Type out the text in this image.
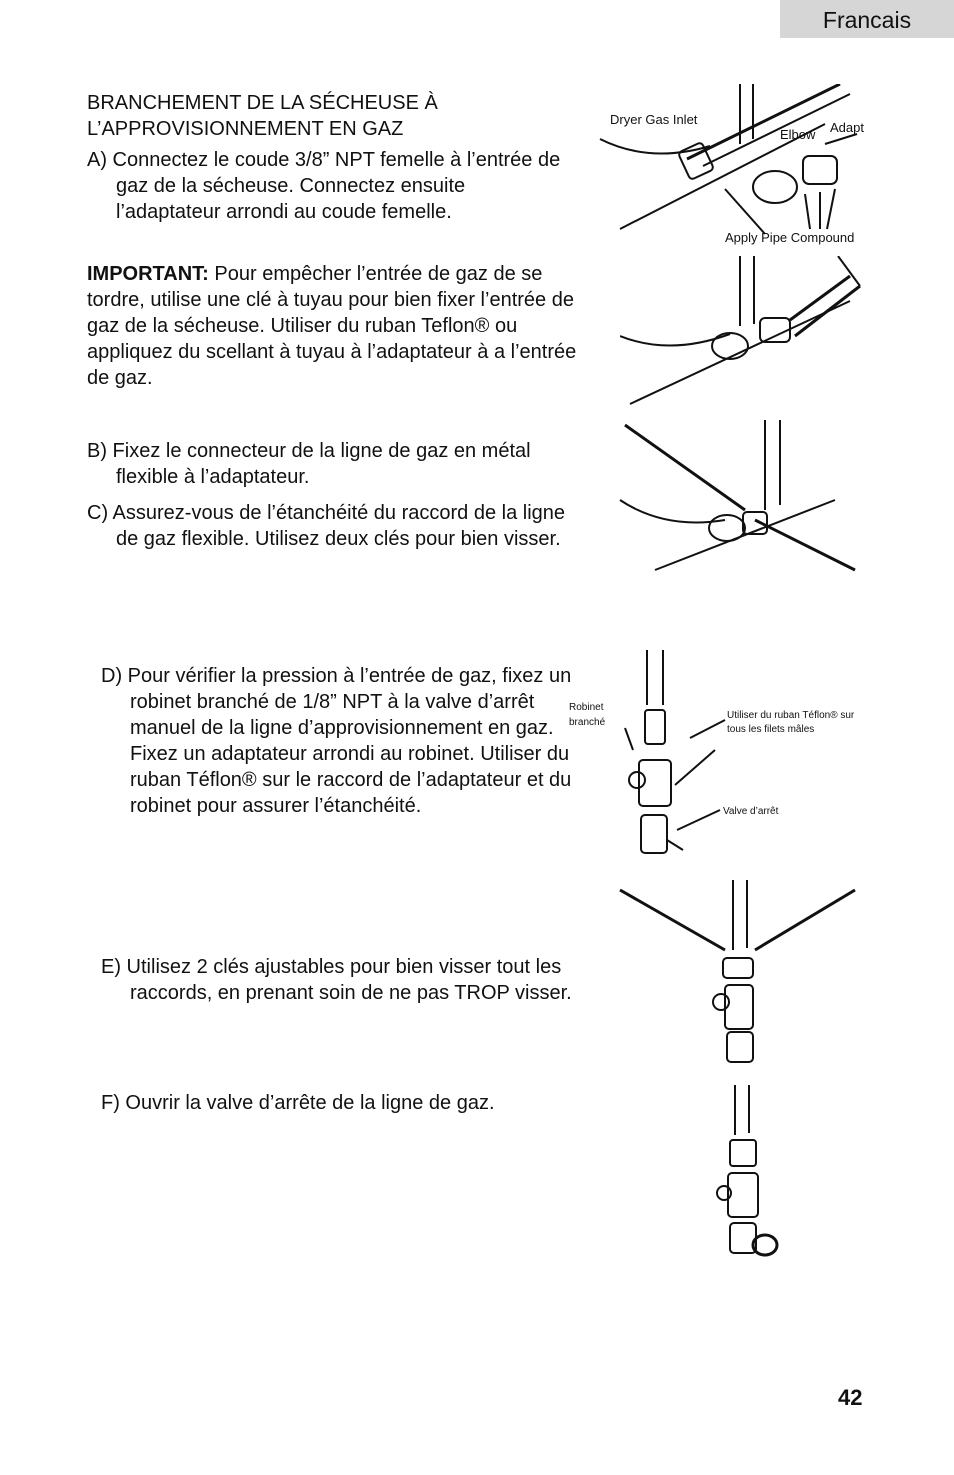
Francais
BRANCHEMENT DE LA SÉCHEUSE À
L’APPROVISIONNEMENT EN GAZ
A) Connectez le coude 3/8” NPT femelle à l’entrée de gaz de la sécheuse. Connectez ensuite l’adaptateur arrondi au coude femelle.
IMPORTANT: Pour empêcher l’entrée de gaz de se tordre, utilise une clé à tuyau pour bien fixer l’entrée de gaz de la sécheuse. Utiliser du ruban Teflon® ou appliquez du scellant à tuyau à l’adaptateur à a l’entrée de gaz.
B) Fixez le connecteur de la ligne de gaz en métal flexible à l’adaptateur.
C) Assurez-vous de l’étanchéité du raccord de la ligne de gaz flexible. Utilisez deux clés pour bien visser.
D) Pour vérifier la pression à l’entrée de gaz, fixez un robinet branché de 1/8” NPT à la valve d’arrêt manuel de la ligne d’approvisionnement en gaz. Fixez un adaptateur arrondi au robinet. Utiliser du ruban Téflon® sur le raccord de l’adaptateur et du robinet pour assurer l’étanchéité.
E) Utilisez 2 clés ajustables pour bien visser tout les raccords, en prenant soin de ne pas TROP visser.
F) Ouvrir la valve d’arrête de la ligne de gaz.
Dryer Gas Inlet
Elbow Adapt
Apply Pipe Compound
Robinet
branché
Utiliser du ruban Téflon® sur
tous les filets mâles
Valve d’arrêt
42
